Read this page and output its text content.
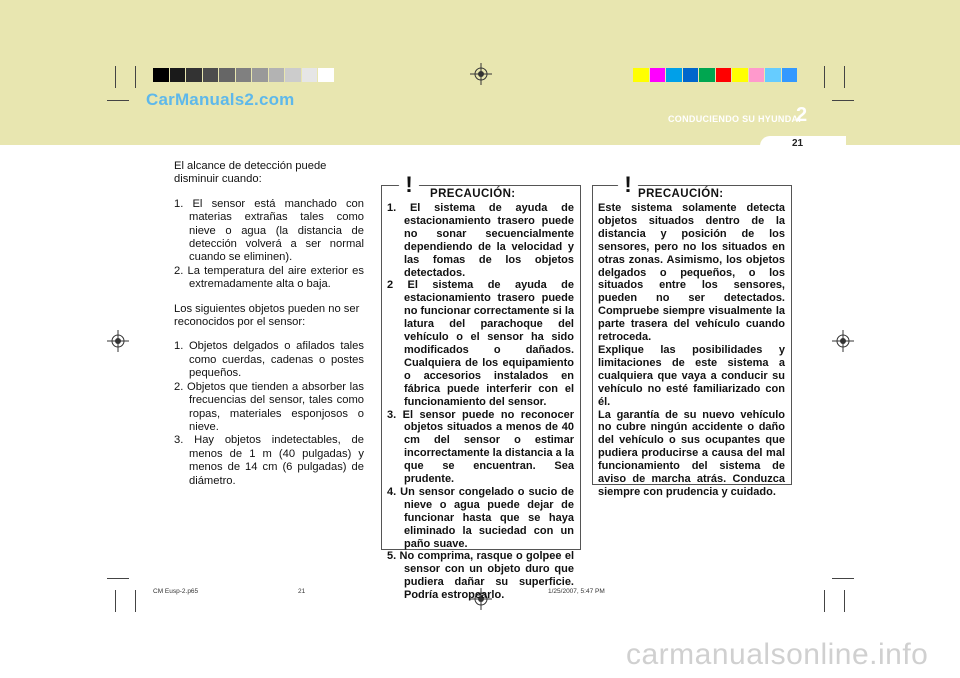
CarManuals2.com
CONDUCIENDO SU HYUNDAI
2
21

El alcance de detección puede disminuir cuando:

1. El sensor está manchado con materias extrañas tales como nieve o agua (la distancia de detección volverá a ser normal cuando se eliminen).
2. La temperatura del aire exterior es extremadamente alta o baja.

Los siguientes objetos pueden no ser reconocidos por el sensor:

1. Objetos delgados o afilados tales como cuerdas, cadenas o postes pequeños.
2. Objetos que tienden a absorber las frecuencias del sensor, tales como ropas, materiales esponjosos o nieve.
3. Hay objetos indetectables, de menos de 1 m (40 pulgadas) y menos de 14 cm (6 pulgadas) de diámetro.
! PRECAUCIÓN:
1. El sistema de ayuda de estacionamiento trasero puede no sonar secuencialmente dependiendo de la velocidad y las fomas de los objetos detectados.
2 El sistema de ayuda de estacionamiento trasero puede no funcionar correctamente si la latura del parachoque del vehículo o el sensor ha sido modificados o dañados. Cualquiera de los equipamiento o accesorios instalados en fábrica puede interferir con el funcionamiento del sensor.
3. El sensor puede no reconocer objetos situados a menos de 40 cm del sensor o estimar incorrectamente la distancia a la que se encuentran. Sea prudente.
4. Un sensor congelado o sucio de nieve o agua puede dejar de funcionar hasta que se haya eliminado la suciedad con un paño suave.
5. No comprima, rasque o golpee el sensor con un objeto duro que pudiera dañar su superficie. Podría estropearlo.
! PRECAUCIÓN:

Este sistema solamente detecta objetos situados dentro de la distancia y posición de los sensores, pero no los situados en otras zonas. Asimismo, los objetos delgados o pequeños, o los situados entre los sensores, pueden no ser detectados. Compruebe siempre visualmente la parte trasera del vehículo cuando retroceda.

Explique las posibilidades y limitaciones de este sistema a cualquiera que vaya a conducir su vehículo no esté familiarizado con él.

La garantía de su nuevo vehículo no cubre ningún accidente o daño del vehículo o sus ocupantes que pudiera producirse a causa del mal funcionamiento del sistema de aviso de marcha atrás. Conduzca siempre con prudencia y cuidado.

CM Eusp-2.p65	21	1/25/2007, 5:47 PM
carmanualsonline.info
